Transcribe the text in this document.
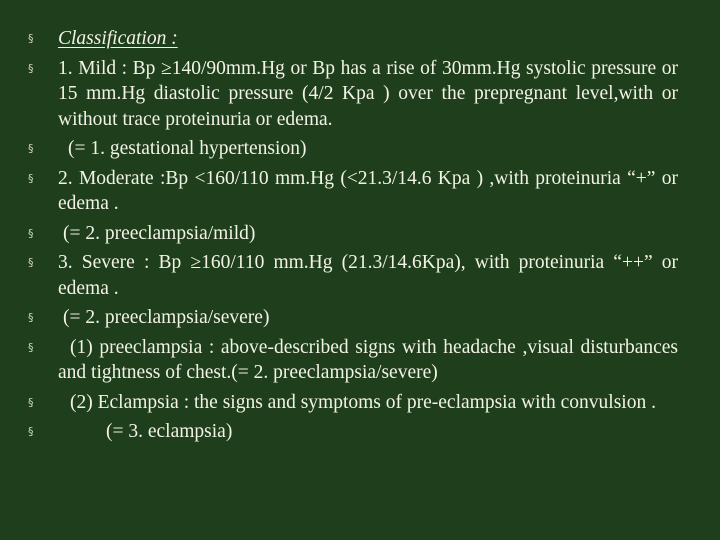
§	Classification :
§	1. Mild : Bp ≥140/90mm.Hg or Bp has a rise of 30mm.Hg systolic pressure or 15 mm.Hg diastolic pressure (4/2 Kpa ) over the prepregnant level,with or without trace proteinuria or edema.
§	(= 1. gestational hypertension)
§	2. Moderate :Bp <160/110 mm.Hg (<21.3/14.6 Kpa ) ,with proteinuria “+” or edema .
§	(= 2. preeclampsia/mild)
§	3. Severe : Bp ≥160/110 mm.Hg (21.3/14.6Kpa), with proteinuria “++” or edema .
§	(= 2. preeclampsia/severe)
§	(1) preeclampsia : above-described signs with headache ,visual disturbances and tightness of chest.(= 2. preeclampsia/severe)
§	(2) Eclampsia : the signs and symptoms of pre-eclampsia with convulsion .
§	(= 3. eclampsia)
